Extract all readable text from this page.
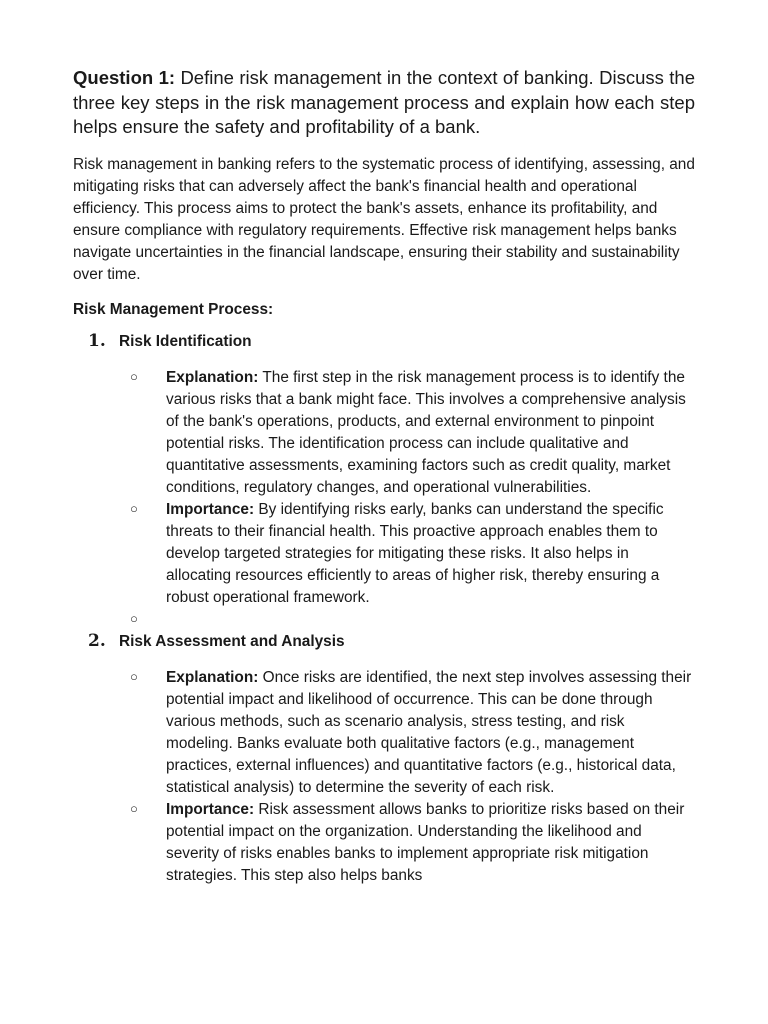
Question 1: Define risk management in the context of banking. Discuss the three key steps in the risk management process and explain how each step helps ensure the safety and profitability of a bank.

Risk management in banking refers to the systematic process of identifying, assessing, and mitigating risks that can adversely affect the bank's financial health and operational efficiency. This process aims to protect the bank's assets, enhance its profitability, and ensure compliance with regulatory requirements. Effective risk management helps banks navigate uncertainties in the financial landscape, ensuring their stability and sustainability over time.

Risk Management Process:

1. Risk Identification
○ Explanation: The first step in the risk management process is to identify the various risks that a bank might face. This involves a comprehensive analysis of the bank's operations, products, and external environment to pinpoint potential risks. The identification process can include qualitative and quantitative assessments, examining factors such as credit quality, market conditions, regulatory changes, and operational vulnerabilities.
○ Importance: By identifying risks early, banks can understand the specific threats to their financial health. This proactive approach enables them to develop targeted strategies for mitigating these risks. It also helps in allocating resources efficiently to areas of higher risk, thereby ensuring a robust operational framework.
○
2. Risk Assessment and Analysis
○ Explanation: Once risks are identified, the next step involves assessing their potential impact and likelihood of occurrence. This can be done through various methods, such as scenario analysis, stress testing, and risk modeling. Banks evaluate both qualitative factors (e.g., management practices, external influences) and quantitative factors (e.g., historical data, statistical analysis) to determine the severity of each risk.
○ Importance: Risk assessment allows banks to prioritize risks based on their potential impact on the organization. Understanding the likelihood and severity of risks enables banks to implement appropriate risk mitigation strategies. This step also helps banks
